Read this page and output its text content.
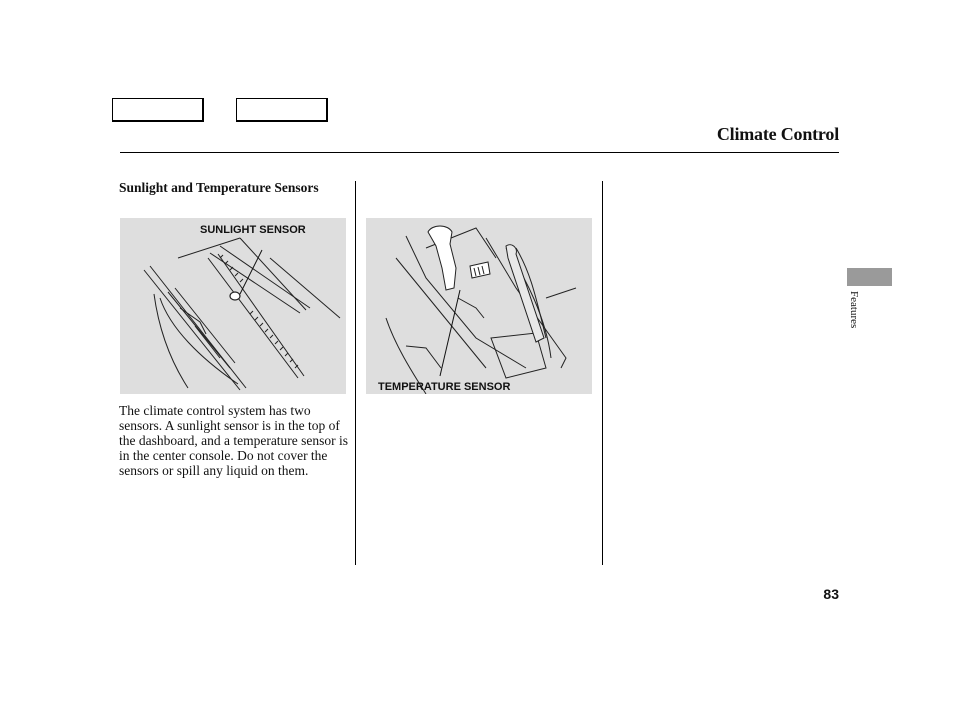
Climate Control
Sunlight and Temperature Sensors
SUNLIGHT SENSOR
TEMPERATURE SENSOR
The climate control system has two sensors. A sunlight sensor is in the top of the dashboard, and a temperature sensor is in the center console. Do not cover the sensors or spill any liquid on them.
Features
83
